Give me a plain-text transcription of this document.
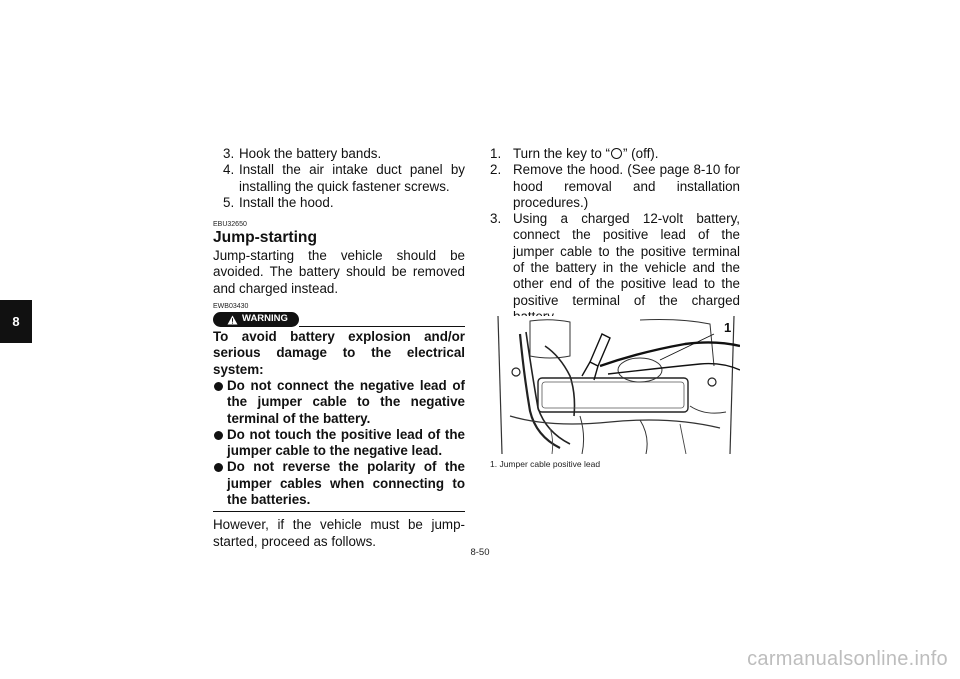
8
3. Hook the battery bands.
4. Install the air intake duct panel by installing the quick fastener screws.
5. Install the hood.
EBU32650
Jump-starting

Jump-starting the vehicle should be avoided. The battery should be removed and charged instead.

EWB03430
WARNING

To avoid battery explosion and/or serious damage to the electrical system:

Do not connect the negative lead of the jumper cable to the negative terminal of the battery.
Do not touch the positive lead of the jumper cable to the negative lead.
Do not reverse the polarity of the jumper cables when connecting to the batteries.

However, if the vehicle must be jump-started, proceed as follows.

1. Turn the key to “ ” (off).
2. Remove the hood. (See page 8-10 for hood removal and installation procedures.)
3. Using a charged 12-volt battery, connect the positive lead of the jumper cable to the positive terminal of the battery in the vehicle and the other end of the positive lead to the positive terminal of the charged
1
1. Jumper cable positive lead
8-50
carmanualsonline.info
